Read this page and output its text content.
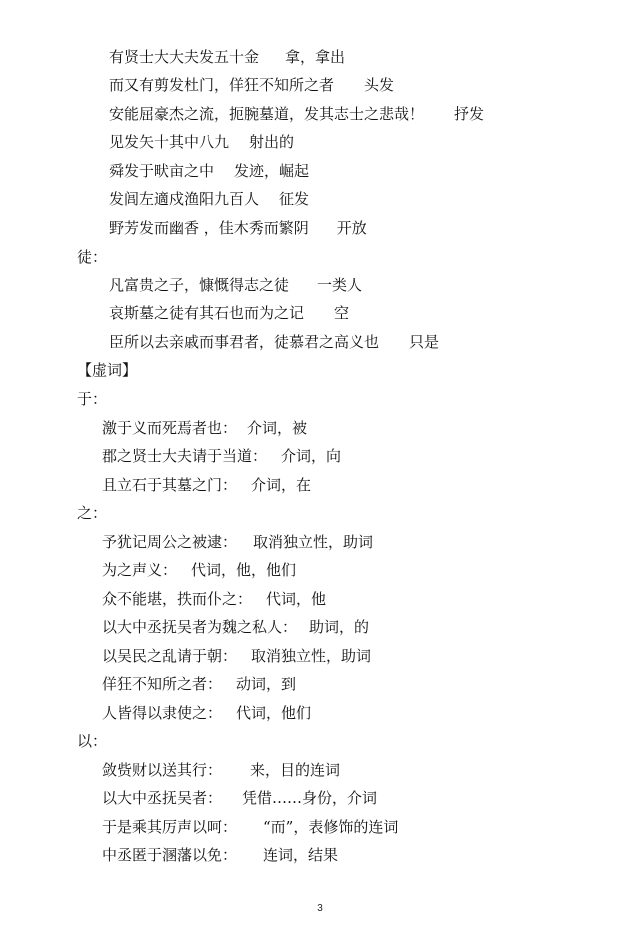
有贤士大大夫发五十金 拿，拿出
而又有剪发杜门，佯狂不知所之者 头发
安能屈豪杰之流，扼腕墓道，发其志士之悲哉！ 抒发
见发矢十其中八九 射出的
舜发于畎亩之中 发迹，崛起
发闾左適戍渔阳九百人 征发
野芳发而幽香 ，佳木秀而繁阴 开放
徒：
凡富贵之子，慷慨得志之徒 一类人
哀斯墓之徒有其石也而为之记 空
臣所以去亲戚而事君者，徒慕君之高义也 只是
【虚词】
于：
激于义而死焉者也： 介词，被
郡之贤士大夫请于当道： 介词，向
且立石于其墓之门： 介词，在
之：
予犹记周公之被逮： 取消独立性，助词
为之声义： 代词，他，他们
众不能堪，抶而仆之： 代词，他
以大中丞抚吴者为魏之私人： 助词，的
以吴民之乱请于朝： 取消独立性，助词
佯狂不知所之者： 动词，到
人皆得以隶使之： 代词，他们
以：
敛赀财以送其行： 来，目的连词
以大中丞抚吴者： 凭借……身份，介词
于是乘其厉声以呵： “而”，表修饰的连词
中丞匿于溷藩以免： 连词，结果
3
